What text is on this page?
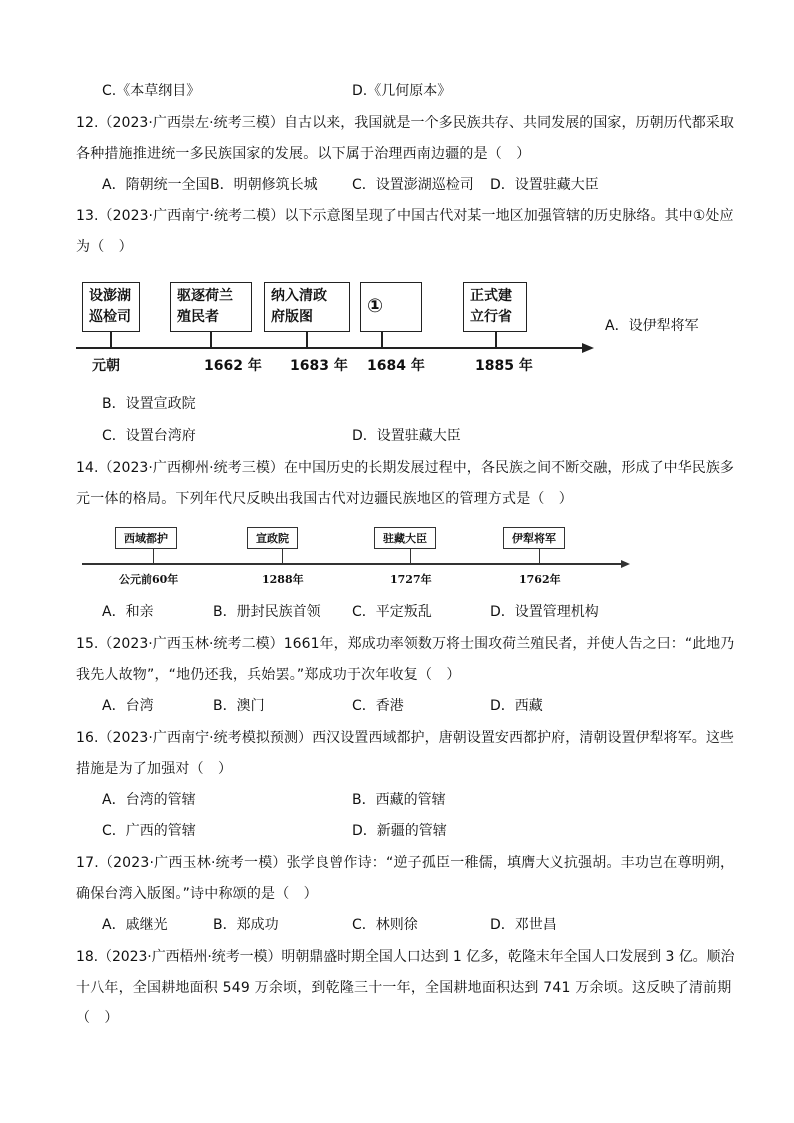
C.《本草纲目》	D.《几何原本》
12.（2023·广西崇左·统考三模）自古以来，我国就是一个多民族共存、共同发展的国家，历朝历代都采取
各种措施推进统一多民族国家的发展。以下属于治理西南边疆的是（　）
A．隋朝统一全国 B．明朝修筑长城 C．设置澎湖巡检司 D．设置驻藏大臣
13.（2023·广西南宁·统考二模）以下示意图呈现了中国古代对某一地区加强管辖的历史脉络。其中①处应
为（　）
设澎湖
巡检司
驱逐荷兰
殖民者
纳入清政
府版图	①	正式建
立行省
元朝	1662 年 1683 年 1684 年	1885 年
A．设伊犁将军
B．设置宣政院
C．设置台湾府	D．设置驻藏大臣
14.（2023·广西柳州·统考三模）在中国历史的长期发展过程中，各民族之间不断交融，形成了中华民族多
元一体的格局。下列年代尺反映出我国古代对边疆民族地区的管理方式是（　）
西域都护	宣政院	驻藏大臣	伊犁将军
公元前60年	1288年	1727年	1762年
A．和亲	B．册封民族首领 C．平定叛乱	D．设置管理机构
15.（2023·广西玉林·统考二模）1661年，郑成功率领数万将士围攻荷兰殖民者，并使人告之曰：“此地乃
我先人故物”，“地仍还我，兵始罢。”郑成功于次年收复（　）
A．台湾	B．澳门	C．香港	D．西藏
16.（2023·广西南宁·统考模拟预测）西汉设置西域都护，唐朝设置安西都护府，清朝设置伊犁将军。这些
措施是为了加强对（　）
A．台湾的管辖	B．西藏的管辖
C．广西的管辖	D．新疆的管辖
17.（2023·广西玉林·统考一模）张学良曾作诗：“逆子孤臣一稚儒，填膺大义抗强胡。丰功岂在尊明朔，
确保台湾入版图。”诗中称颂的是（　）
A．戚继光	B．郑成功	C．林则徐	D．邓世昌
18.（2023·广西梧州·统考一模）明朝鼎盛时期全国人口达到 1 亿多，乾隆末年全国人口发展到 3 亿。顺治
十八年，全国耕地面积 549 万余顷，到乾隆三十一年，全国耕地面积达到 741 万余顷。这反映了清前期
（　）
